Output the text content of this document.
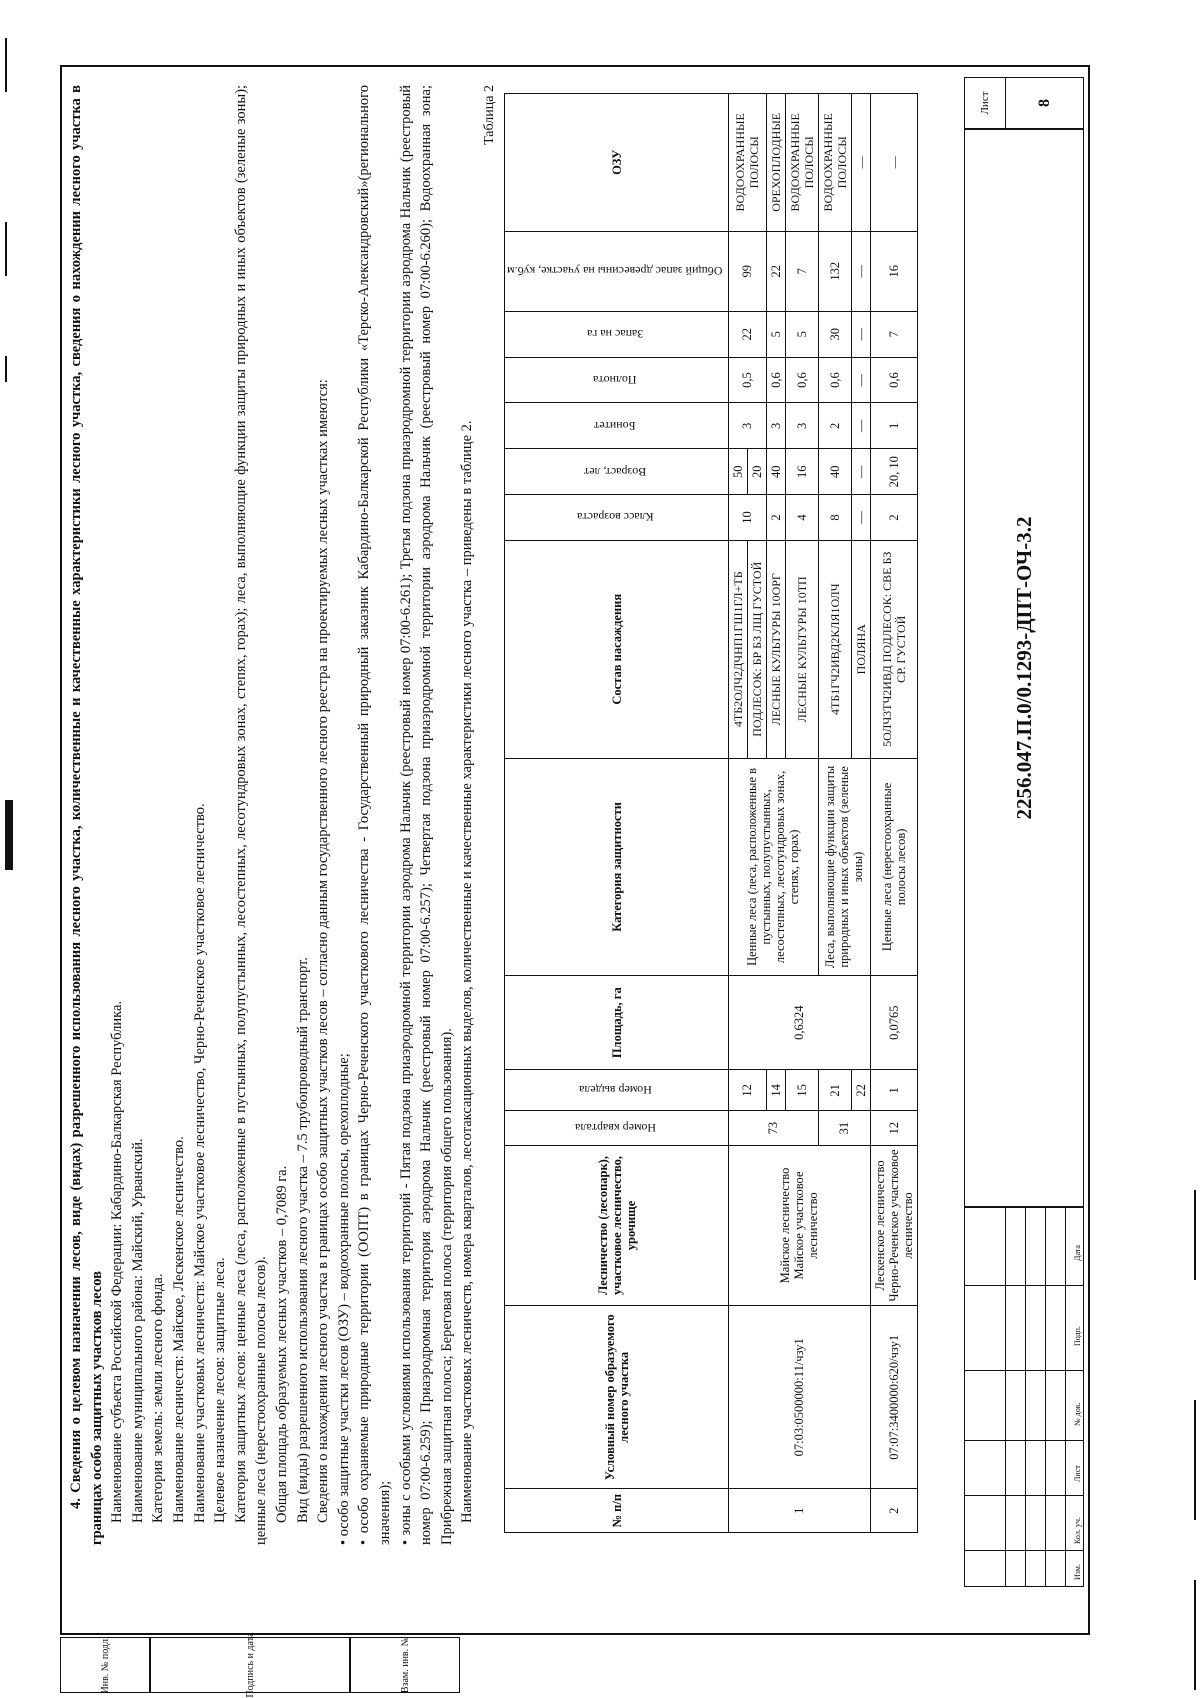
Инв. № подл.	Подпись и дата	Взам. инв. №
4. Сведения о целевом назначении лесов, виде (видах) разрешенного использования лесного участка, количественные и качественные характеристики лесного участка, сведения о нахождении лесного участка в границах особо защитных участков лесов Наименование субъекта Российской Федерации: Кабардино-Балкарская Республика. Наименование муниципального района: Майский, Урванский. Категория земель: земли лесного фонда. Наименование лесничеств: Майское, Лескенское лесничество. Наименование участковых лесничеств: Майское участковое лесничество, Черно-Реченское участковое лесничество. Целевое назначение лесов: защитные леса. Категория защитных лесов: ценные леса (леса, расположенные в пустынных, полупустынных, лесостепных, лесотундровых зонах, степях, горах); леса, выполняющие функции защиты природных и иных объектов (зеленые зоны); ценные леса (нерестоохранные полосы лесов). Общая площадь образуемых лесных участков – 0,7089 га. Вид (виды) разрешенного использования лесного участка – 7.5 трубопроводный транспорт. Сведения о нахождении лесного участка в границах особо защитных участков лесов – согласно данным государственного лесного реестра на проектируемых лесных участках имеются: • особо защитные участки лесов (ОЗУ) – водоохранные полосы, орехоплодные; • особо охраняемые природные территории (ООПТ) в границах Черно-Реченского участкового лесничества - Государственный природный заказник Кабардино-Балкарской Республики «Терско-Александровский»(региональнoго значения); • зоны с особыми условиями использования территорий - Пятая подзона приаэродромной территории аэродрома Нальчик (реестровый номер 07:00-6.261); Третья подзона приаэродромной территории аэродрома Нальчик (реестровый номер 07:00-6.259); Приаэродромная территория аэродрома Нальчик (реестровый номер 07:00-6.257); Четвертая подзона приаэродромной территории аэродрома Нальчик (реестровый номер 07:00-6.260); Водоохранная зона; Прибрежная защитная полоса; Береговая полоса (территория общего пользования). Наименование участковых лесничеств, номера кварталов, лесотаксационных выделов, количественные и качественные характеристики лесного участка – приведены в таблице 2.
Таблица 2
№ п/п	Условный номер образуемого лесного участка	Лесничество (лесопарк), участковое лесничество, урочище	Номер квартала	Номер выдела	Площадь, га	Категория защитности	Состав насаждения	Класс возраста	Возраст, лет	Бонитет	Полнота	Запас на га	Общий запас древесины на участке, куб.м	ОЗУ
1	07:03:0500000:11/чзу1	Майское лесничество Майское участковое лесничество	73	12	0,6324	Ценные леса (леса, расположенные в пустынных, полупустынных, лесостепных, лесотундровых зонах, степях, горах)	4ТБ2ОЛЧ2ДЧНП1ГШ1ГЛ+ТБ	10	50	3	0,5	22	99	ВОДООХРАННЫЕ ПОЛОСЫ
							ПОДЛЕСОК: БР БЗ ЛЩ ГУСТОЙ		20					
				14			ЛЕСНЫЕ КУЛЬТУРЫ 10ОРГ	2	40	3	0,6	5	22	ОРЕХОПЛОДНЫЕ
				15			ЛЕСНЫЕ КУЛЬТУРЫ 10ТП	4	16	3	0,6	5	7	ВОДООХРАННЫЕ ПОЛОСЫ
			31	21		Леса, выполняющие функции защиты природных и иных объектов (зеленые зоны)	4ТБ1ГЧ2ИВД2КЛЯ1ОЛЧ	8	40	2	0,6	30	132	ВОДООХРАННЫЕ ПОЛОСЫ
				22			ПОЛЯНА	—	—	—	—	—	—	—
2	07:07:3400000:620/чзу1	Лескенское лесничество Черно-Реченское участковое лесничество	12	1	0,0765	Ценные леса (нерестоохранные полосы лесов)	5ОЛЧ3ТЧ2ИВД ПОДЛЕСОК: СВЕ БЗ СР. ГУСТОЙ	2	20, 10	1	0,6	7	16	—
Изм.
Кол. уч.
Лист
№ док.
Подп.
Дата
2256.047.П.0/0.1293-ДПТ-ОЧ-3.2
Лист	8
